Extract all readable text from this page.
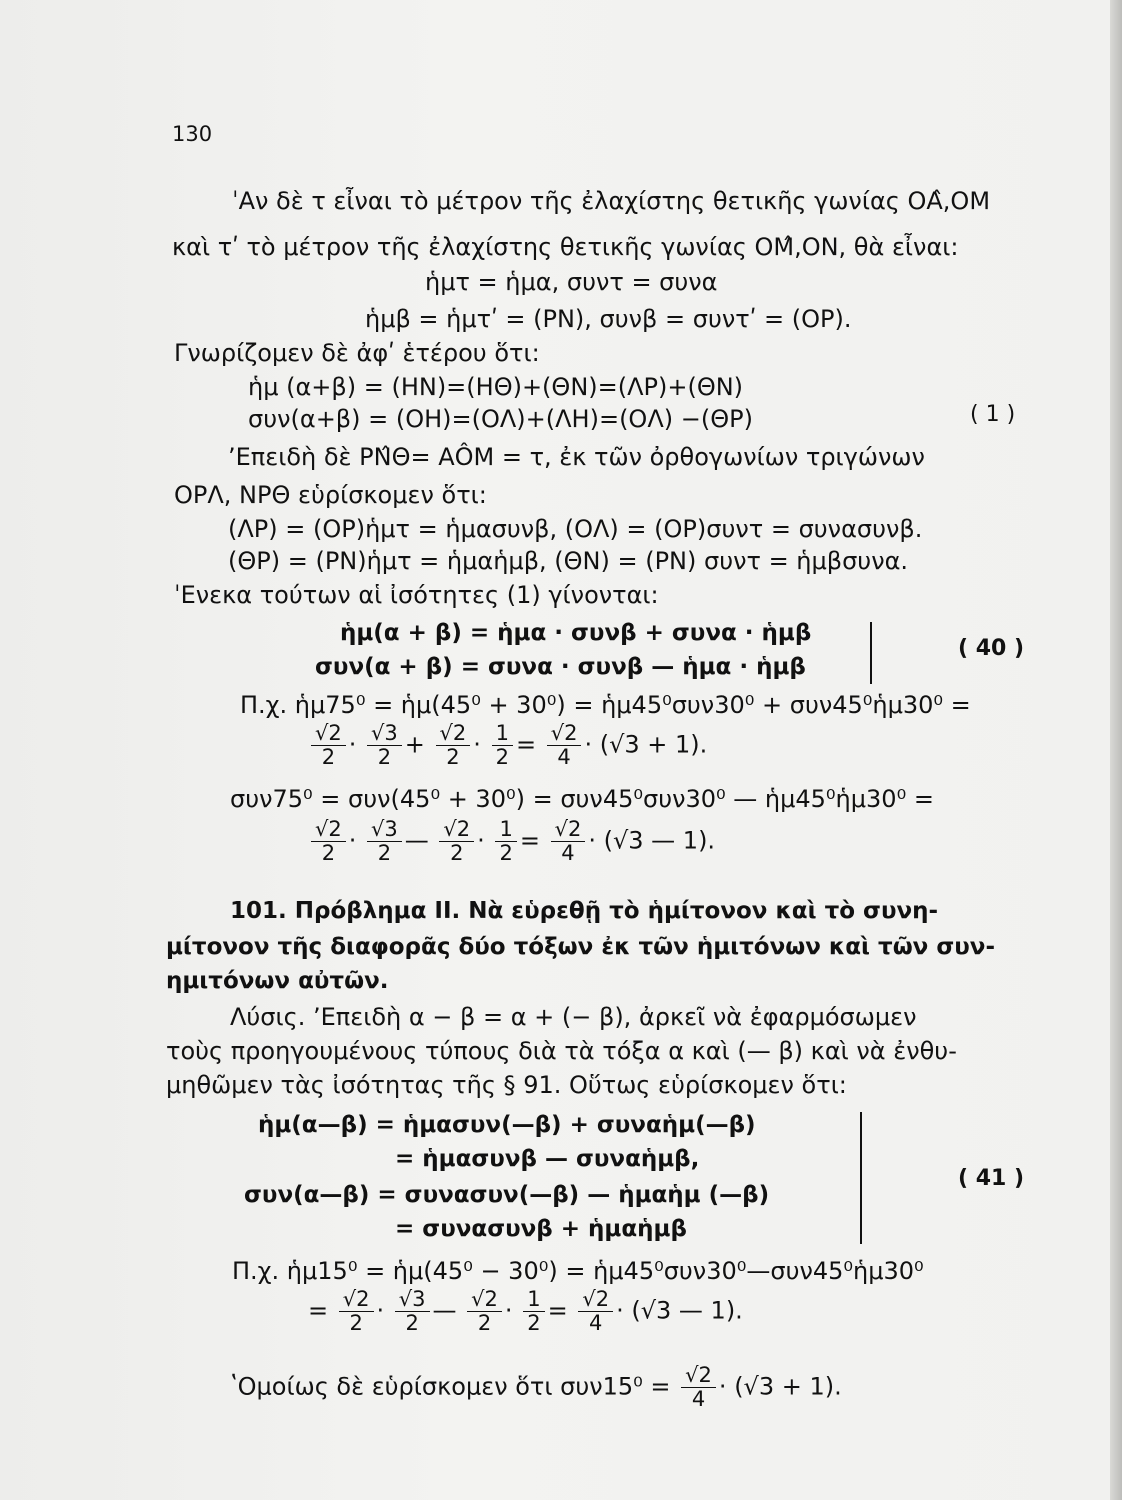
130
ˈΑν δὲ τ εἶναι τὸ μέτρον τῆς ἐλαχίστης θετικῆς γωνίας ΟΑ̂,ΟΜ
καὶ τʹ τὸ μέτρον τῆς ἐλαχίστης θετικῆς γωνίας ΟΜ̂,ΟΝ, θὰ εἶναι:
ἡμτ = ἡμα, συντ = συνα
ἡμβ = ἡμτʹ = (ΡΝ), συνβ = συντʹ = (ΟΡ).
Γνωρίζομεν δὲ ἀφʹ ἑτέρου ὅτι:
ἡμ (α+β) = (ΗΝ)=(ΗΘ)+(ΘΝ)=(ΛΡ)+(ΘΝ)
συν(α+β) = (ΟΗ)=(ΟΛ)+(ΛΗ)=(ΟΛ) −(ΘΡ)	( 1 )
ʼΕπειδὴ δὲ ΡΝ̂Θ= ΑÔΜ = τ, ἐκ τῶν ὀρθογωνίων τριγώνων
ΟΡΛ, ΝΡΘ εὑρίσκομεν ὅτι:
(ΛΡ) = (ΟΡ)ἡμτ = ἡμασυνβ, (ΟΛ) = (ΟΡ)συντ = συνασυνβ.
(ΘΡ) = (ΡΝ)ἡμτ = ἡμαἡμβ, (ΘΝ) = (ΡΝ) συντ = ἡμβσυνα.
ˈΕνεκα τούτων αἱ ἰσότητες (1) γίνονται:
ἡμ(α + β) = ἡμα · συνβ + συνα · ἡμβ
συν(α + β) = συνα · συνβ — ἡμα · ἡμβ
( 40 )
Π.χ. ἡμ75⁰ = ἡμ(45⁰ + 30⁰) = ἡμ45⁰συν30⁰ + συν45⁰ἡμ30⁰ =
$\frac{√2}{2} \cdot \frac{√3}{2} + \frac{√2}{2} \cdot \frac{1}{2} = \frac{√2}{4} \cdot (√3 + 1)$.
συν75⁰ = συν(45⁰ + 30⁰) = συν45⁰συν30⁰ — ἡμ45⁰ἡμ30⁰ =
$\frac{√2}{2} \cdot \frac{√3}{2}$ — $\frac{√2}{2} \cdot \frac{1}{2} = \frac{√2}{4} \cdot (√3$ — 1).
101. Πρόβλημα ΙΙ. Νὰ εὑρεθῇ τὸ ἡμίτονον καὶ τὸ συνη-
μίτονον τῆς διαφορᾶς δύο τόξων ἐκ τῶν ἡμιτόνων καὶ τῶν συν-
ημιτόνων αὐτῶν.
Λύσις. ʼΕπειδὴ α − β = α + (− β), ἀρκεῖ νὰ ἐφαρμόσωμεν
τοὺς προηγουμένους τύπους διὰ τὰ τόξα α καὶ (— β) καὶ νὰ ἐνθυ-
μηθῶμεν τὰς ἰσότητας τῆς § 91. Οὕτως εὑρίσκομεν ὅτι:
ἡμ(α—β) = ἡμασυν(—β) + συναἡμ(—β)
= ἡμασυνβ — συναἡμβ,
συν(α—β) = συνασυν(—β) — ἡμαἡμ (—β)
= συνασυνβ + ἡμαἡμβ
( 41 )
Π.χ. ἡμ15⁰ = ἡμ(45⁰ − 30⁰) = ἡμ45⁰συν30⁰—συν45⁰ἡμ30⁰
= $\frac{√2}{2} \cdot \frac{√3}{2}$ — $\frac{√2}{2} \cdot \frac{1}{2} = \frac{√2}{4} \cdot (√3$ — 1).
ʽΟμοίως δὲ εὑρίσκομεν ὅτι $\sigma\upsilon\nu 15^0 = \frac{√2}{4} \cdot (√3 + 1)$.
